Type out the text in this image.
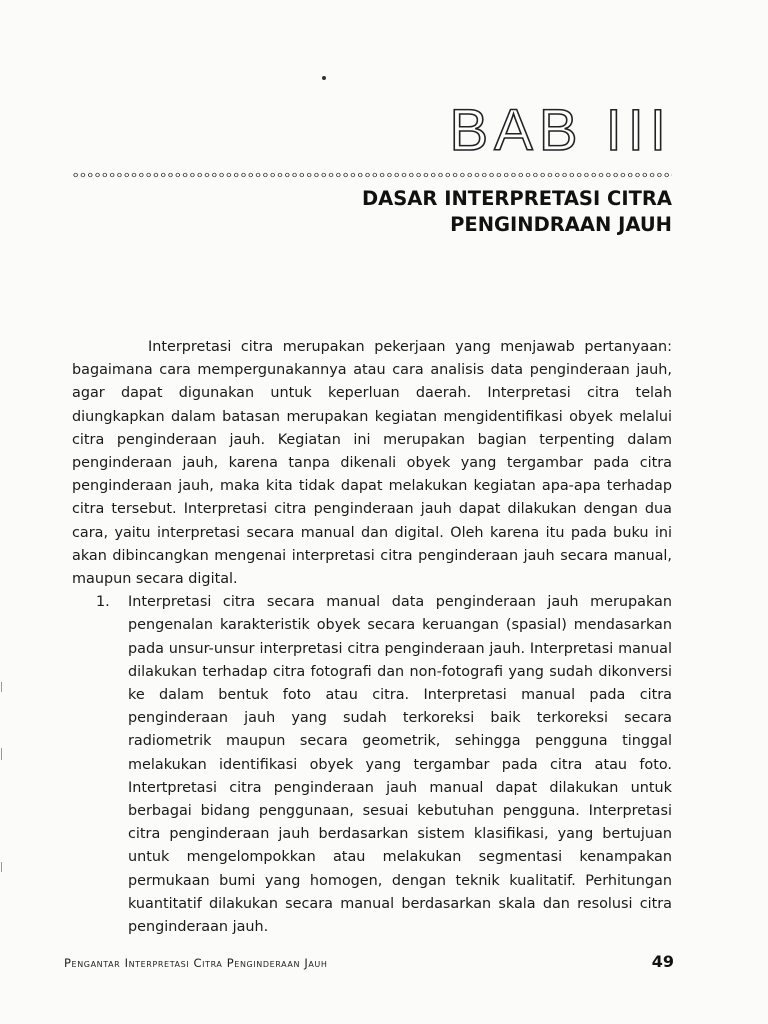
BAB III
DASAR INTERPRETASI CITRA
PENGINDRAAN JAUH

Interpretasi citra merupakan pekerjaan yang menjawab pertanyaan: bagaimana cara mempergunakannya atau cara analisis data penginderaan jauh, agar dapat digunakan untuk keperluan daerah. Interpretasi citra telah diungkapkan dalam batasan merupakan kegiatan mengidentifikasi obyek melalui citra penginderaan jauh. Kegiatan ini merupakan bagian terpenting dalam penginderaan jauh, karena tanpa dikenali obyek yang tergambar pada citra penginderaan jauh, maka kita tidak dapat melakukan kegiatan apa-apa terhadap citra tersebut. Interpretasi citra penginderaan jauh dapat dilakukan dengan dua cara, yaitu interpretasi secara manual dan digital. Oleh karena itu pada buku ini akan dibincangkan mengenai interpretasi citra penginderaan jauh secara manual, maupun secara digital.

1. Interpretasi citra secara manual data penginderaan jauh merupakan pengenalan karakteristik obyek secara keruangan (spasial) mendasarkan pada unsur-unsur interpretasi citra penginderaan jauh. Interpretasi manual dilakukan terhadap citra fotografi dan non-fotografi yang sudah dikonversi ke dalam bentuk foto atau citra. Interpretasi manual pada citra penginderaan jauh yang sudah terkoreksi baik terkoreksi secara radiometrik maupun secara geometrik, sehingga pengguna tinggal melakukan identifikasi obyek yang tergambar pada citra atau foto. Intertpretasi citra penginderaan jauh manual dapat dilakukan untuk berbagai bidang penggunaan, sesuai kebutuhan pengguna. Interpretasi citra penginderaan jauh berdasarkan sistem klasifikasi, yang bertujuan untuk mengelompokkan atau melakukan segmentasi kenampakan permukaan bumi yang homogen, dengan teknik kualitatif. Perhitungan kuantitatif dilakukan secara manual berdasarkan skala dan resolusi citra penginderaan jauh.
Pengantar Interpretasi Citra Penginderaan Jauh	49
